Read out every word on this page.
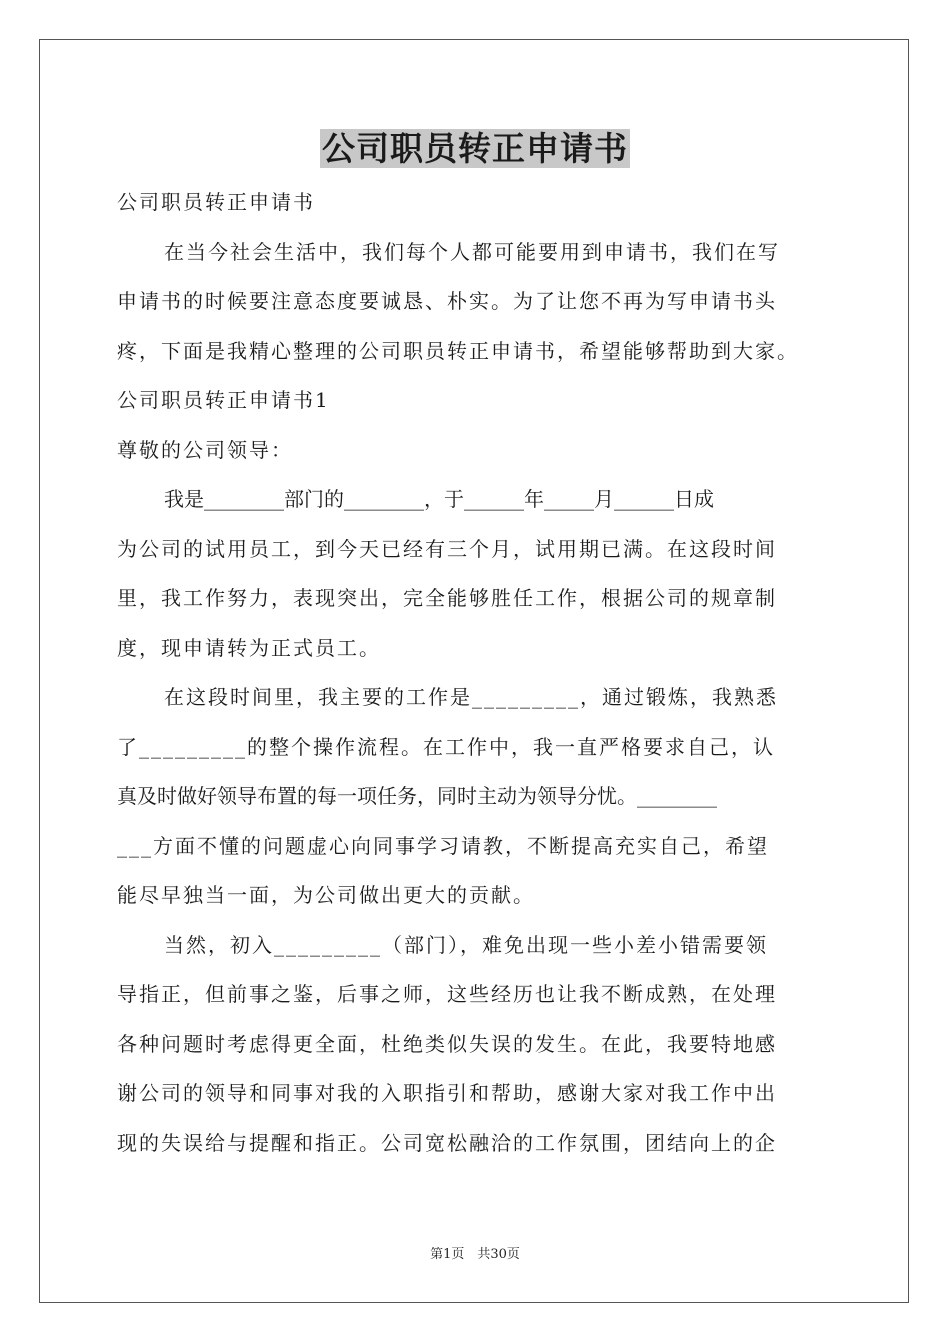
公司职员转正申请书
公司职员转正申请书
在当今社会生活中，我们每个人都可能要用到申请书，我们在写
申请书的时候要注意态度要诚恳、朴实。为了让您不再为写申请书头
疼，下面是我精心整理的公司职员转正申请书，希望能够帮助到大家。
公司职员转正申请书1
尊敬的公司领导：
我是________部门的________，于______年_____月______日成
为公司的试用员工，到今天已经有三个月，试用期已满。在这段时间
里，我工作努力，表现突出，完全能够胜任工作，根据公司的规章制
度，现申请转为正式员工。
在这段时间里，我主要的工作是_________，通过锻炼，我熟悉
了_________的整个操作流程。在工作中，我一直严格要求自己，认
真及时做好领导布置的每一项任务，同时主动为领导分忧。________
___方面不懂的问题虚心向同事学习请教，不断提高充实自己，希望
能尽早独当一面，为公司做出更大的贡献。
当然，初入_________（部门），难免出现一些小差小错需要领
导指正，但前事之鉴，后事之师，这些经历也让我不断成熟，在处理
各种问题时考虑得更全面，杜绝类似失误的发生。在此，我要特地感
谢公司的领导和同事对我的入职指引和帮助，感谢大家对我工作中出
现的失误给与提醒和指正。公司宽松融洽的工作氛围，团结向上的企
第1页　共30页
